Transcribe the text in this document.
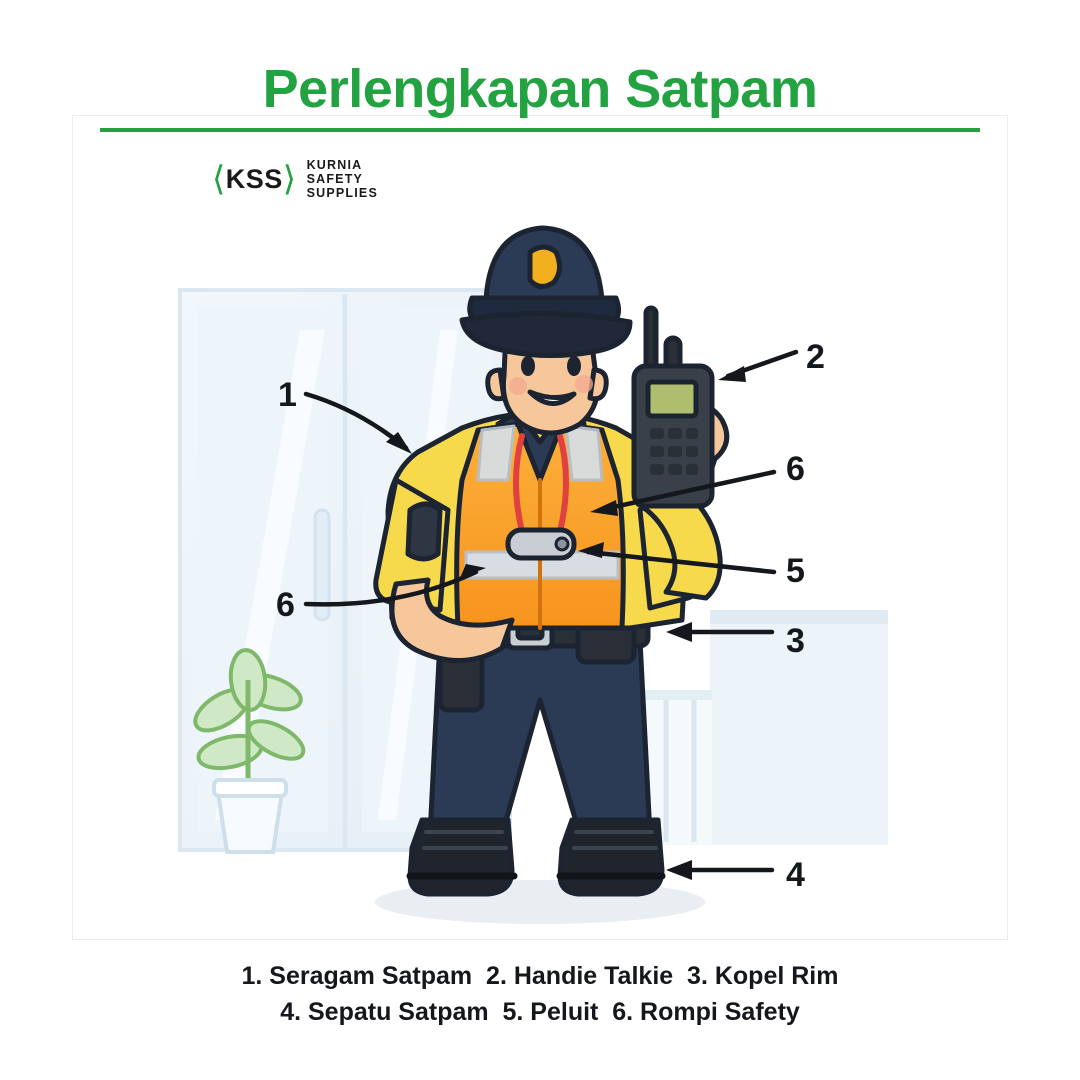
Perlengkapan Satpam
⟨ KSS ⟩ KURNIA
SAFETY
SUPPLIES
1
2
6
5
6
3
4
1. Seragam Satpam  2. Handie Talkie  3. Kopel Rim
4. Sepatu Satpam  5. Peluit  6. Rompi Safety
